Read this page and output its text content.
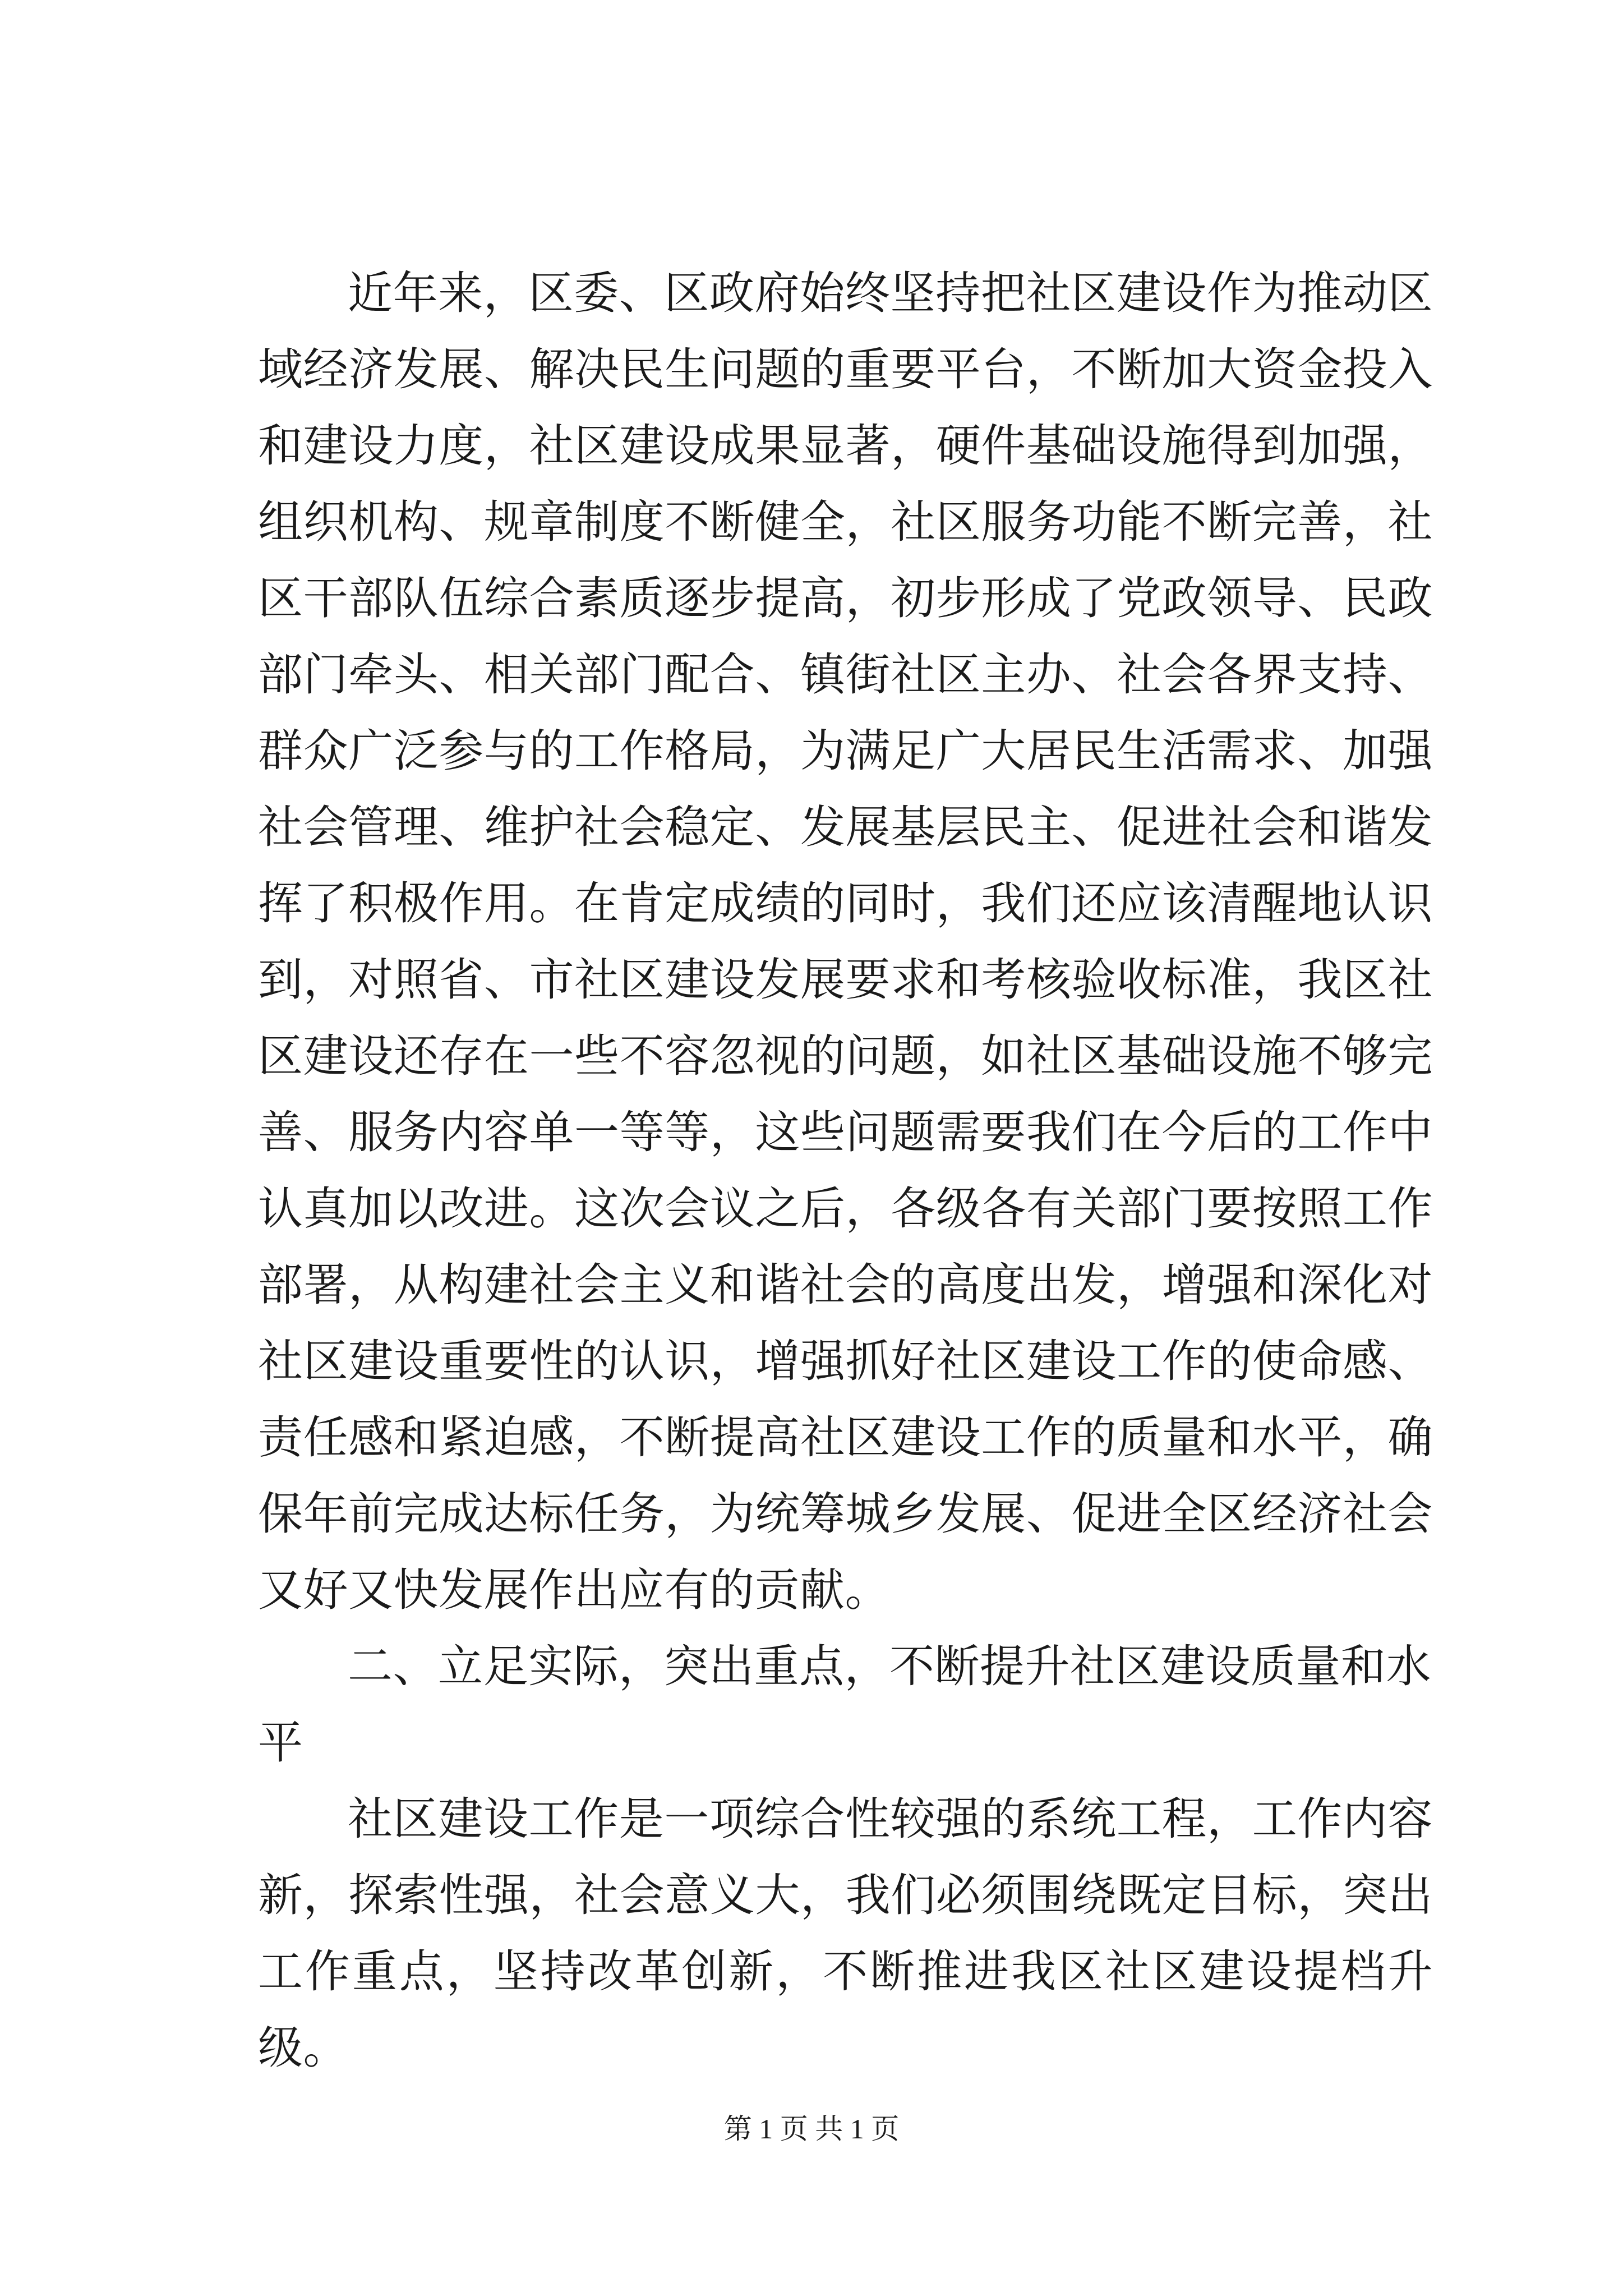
近年来，区委、区政府始终坚持把社区建设作为推动区域经济发展、解决民生问题的重要平台，不断加大资金投入和建设力度，社区建设成果显著，硬件基础设施得到加强，组织机构、规章制度不断健全，社区服务功能不断完善，社区干部队伍综合素质逐步提高，初步形成了党政领导、民政部门牵头、相关部门配合、镇街社区主办、社会各界支持、群众广泛参与的工作格局，为满足广大居民生活需求、加强社会管理、维护社会稳定、发展基层民主、促进社会和谐发挥了积极作用。在肯定成绩的同时，我们还应该清醒地认识到，对照省、市社区建设发展要求和考核验收标准，我区社区建设还存在一些不容忽视的问题，如社区基础设施不够完善、服务内容单一等等，这些问题需要我们在今后的工作中认真加以改进。这次会议之后，各级各有关部门要按照工作部署，从构建社会主义和谐社会的高度出发，增强和深化对社区建设重要性的认识，增强抓好社区建设工作的使命感、责任感和紧迫感，不断提高社区建设工作的质量和水平，确保年前完成达标任务，为统筹城乡发展、促进全区经济社会又好又快发展作出应有的贡献。

二、立足实际，突出重点，不断提升社区建设质量和水平

社区建设工作是一项综合性较强的系统工程，工作内容新，探索性强，社会意义大，我们必须围绕既定目标，突出工作重点，坚持改革创新，不断推进我区社区建设提档升级。

第 1 页 共 1 页
